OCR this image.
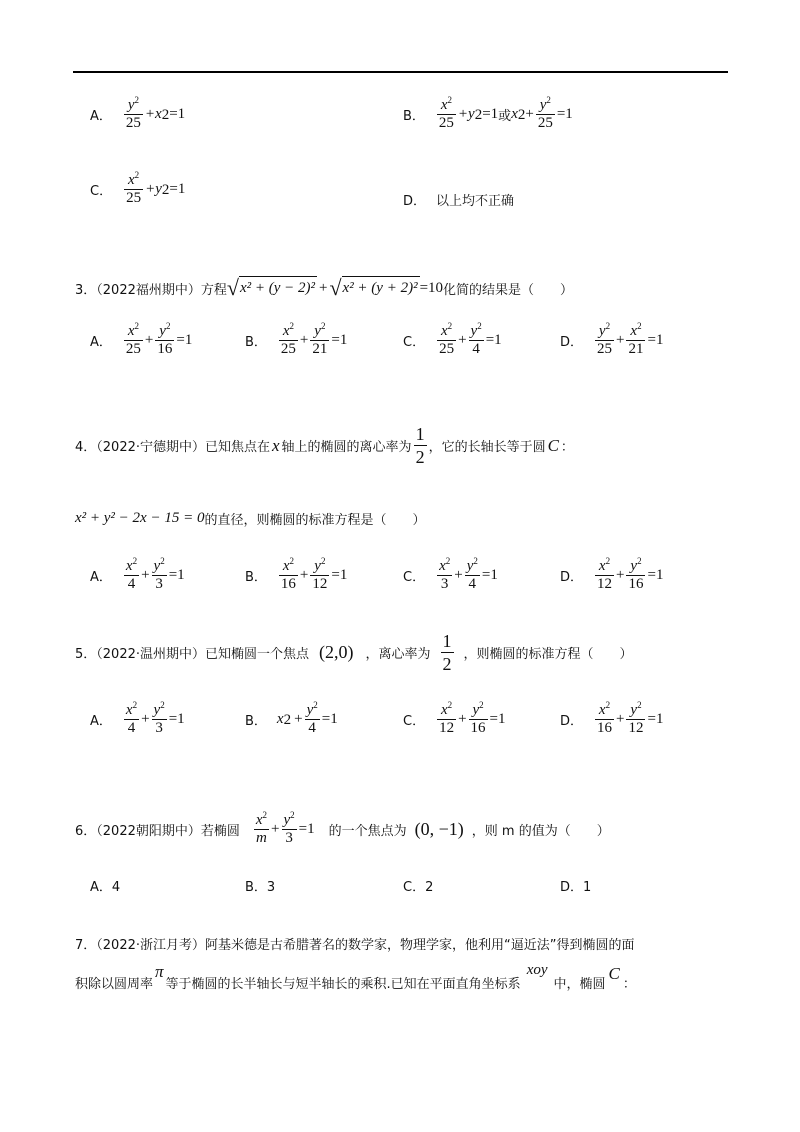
A． $\frac{y^2}{25} +x$ 2 =1	B． $\frac{x^2}{25} +y$ 2 =1 或 x $2 + \frac{y^2}{25} =1$
C． $\frac{x^2}{25} +y$ 2 =1
D． 以上均不正确
3．（2022福州期中）方程 √ x² + (y − 2)² + √ x² + (y + 2)² =10 化简的结果是（　　）
A． $\frac{x^2}{25} + \frac{y^2}{16} =1$	B． $\frac{x^2}{25} + \frac{y^2}{21} =1$	C． $\frac{x^2}{25} + \frac{y^2}{4} =1$	D． $\frac{y^2}{25} + \frac{x^2}{21} =1$
4．（2022·宁德期中）已知焦点在 x 轴上的椭圆的离心率为 $\frac{1}{2}$ ，它的长轴长等于圆 C ：
x² + y² − 2x − 15 = 0 的直径，则椭圆的标准方程是（　　）
A． $\frac{x^2}{4} + \frac{y^2}{3} =1$	B． $\frac{x^2}{16} + \frac{y^2}{12} =1$	C． $\frac{x^2}{3} + \frac{y^2}{4} =1$	D． $\frac{x^2}{12} + \frac{y^2}{16} =1$
5．（2022·温州期中）已知椭圆一个焦点 (2,0) ，离心率为 $\frac{1}{2}$ ，则椭圆的标准方程（　　）
A． $\frac{x^2}{4} + \frac{y^2}{3} =1$	B． x $2 + \frac{y^2}{4} =1$	C． $\frac{x^2}{12} + \frac{y^2}{16} =1$	D． $\frac{x^2}{16} + \frac{y^2}{12} =1$
6．（2022朝阳期中）若椭圆 $\frac{x^2}{m} + \frac{y^2}{3} =1$ 的一个焦点为 (0, −1) ，则 m 的值为（　　）
A．4	B．3	C．2	D．1
7．（2022·浙江月考）阿基米德是古希腊著名的数学家，物理学家，他利用“逼近法”得到椭圆的面
积除以圆周率
π
等于椭圆的长半轴长与短半轴长的乘积.已知在平面直角坐标系
xoy
中，椭圆
C
：
